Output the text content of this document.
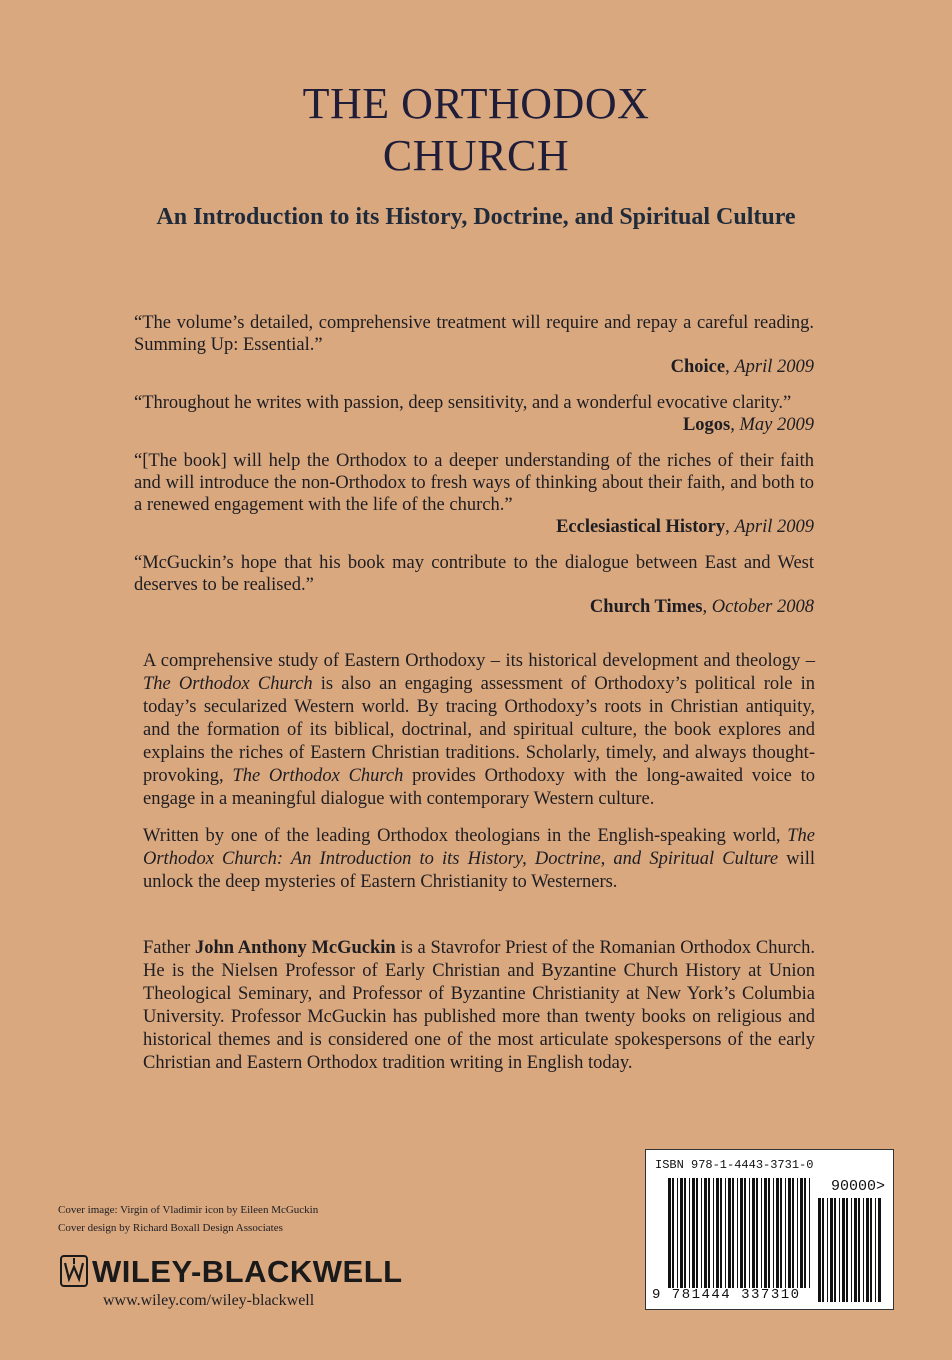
THE ORTHODOX
CHURCH
An Introduction to its History, Doctrine, and Spiritual Culture
“The volume’s detailed, comprehensive treatment will require and repay a careful reading. Summing Up: Essential.”
Choice, April 2009
“Throughout he writes with passion, deep sensitivity, and a wonderful evocative clarity.”
Logos, May 2009
“[The book] will help the Orthodox to a deeper understanding of the riches of their faith and will introduce the non-Orthodox to fresh ways of thinking about their faith, and both to a renewed engagement with the life of the church.”
Ecclesiastical History, April 2009
“McGuckin’s hope that his book may contribute to the dialogue between East and West deserves to be realised.”
Church Times, October 2008

A comprehensive study of Eastern Orthodoxy – its historical development and theology – The Orthodox Church is also an engaging assessment of Orthodoxy’s political role in today’s secularized Western world. By tracing Orthodoxy’s roots in Christian antiquity, and the formation of its biblical, doctrinal, and spiritual culture, the book explores and explains the riches of Eastern Christian traditions. Scholarly, timely, and always thought-provoking, The Orthodox Church provides Orthodoxy with the long-awaited voice to engage in a meaningful dialogue with contemporary Western culture.

Written by one of the leading Orthodox theologians in the English-speaking world, The Orthodox Church: An Introduction to its History, Doctrine, and Spiritual Culture will unlock the deep mysteries of Eastern Christianity to Westerners.

Father John Anthony McGuckin is a Stavrofor Priest of the Romanian Orthodox Church. He is the Nielsen Professor of Early Christian and Byzantine Church History at Union Theological Seminary, and Professor of Byzantine Christianity at New York’s Columbia University. Professor McGuckin has published more than twenty books on religious and historical themes and is considered one of the most articulate spokespersons of the early Christian and Eastern Orthodox tradition writing in English today.
Cover image: Virgin of Vladimir icon by Eileen McGuckin
Cover design by Richard Boxall Design Associates
WILEY-BLACKWELL
www.wiley.com/wiley-blackwell
ISBN 978-1-4443-3731-0
90000>
9 781444 337310
